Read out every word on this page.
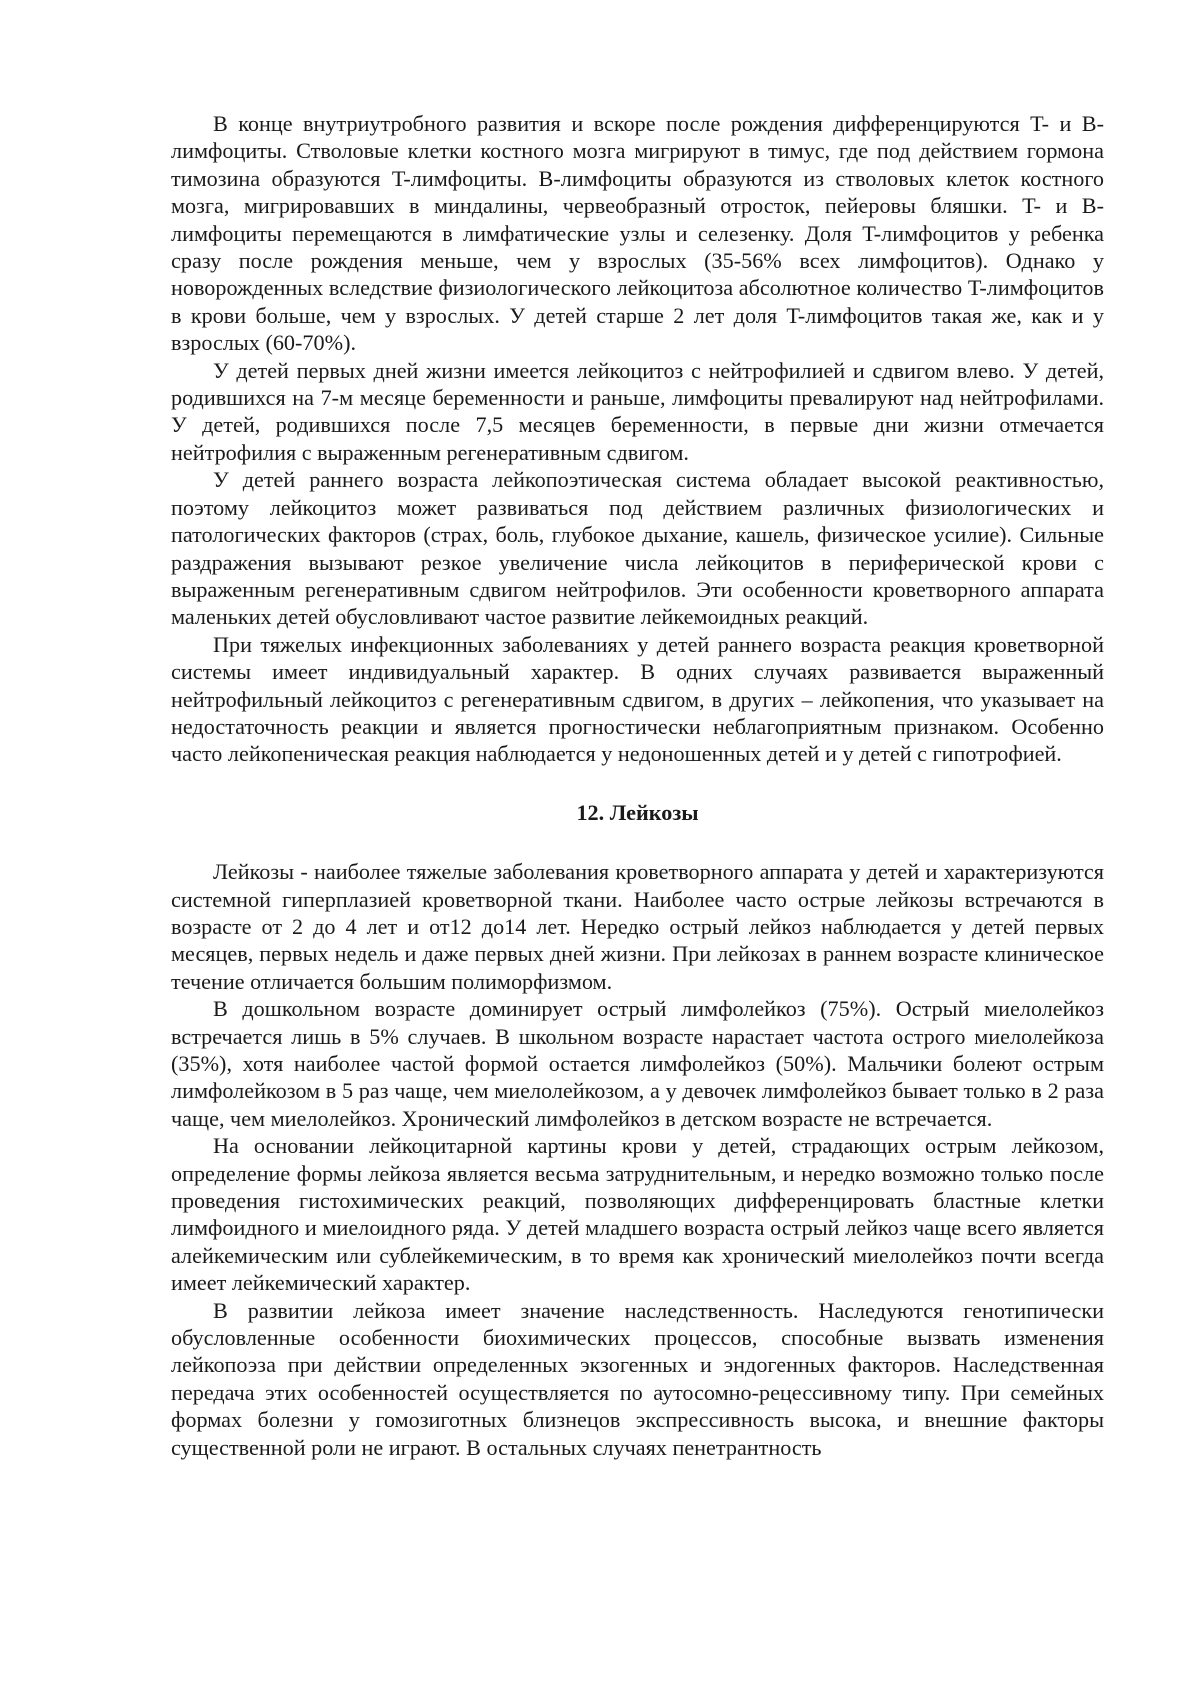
В конце внутриутробного развития и вскоре после рождения дифференцируются T- и B-лимфоциты. Стволовые клетки костного мозга мигрируют в тимус, где под действием гормона тимозина образуются T-лимфоциты. B-лимфоциты образуются из стволовых клеток костного мозга, мигрировавших в миндалины, червеобразный отросток, пейеровы бляшки. T- и B-лимфоциты перемещаются в лимфатические узлы и селезенку. Доля T-лимфоцитов у ребенка сразу после рождения меньше, чем у взрослых (35-56% всех лимфоцитов). Однако у новорожденных вследствие физиологического лейкоцитоза абсолютное количество T-лимфоцитов в крови больше, чем у взрослых. У детей старше 2 лет доля T-лимфоцитов такая же, как и у взрослых (60-70%).

У детей первых дней жизни имеется лейкоцитоз с нейтрофилией и сдвигом влево. У детей, родившихся на 7-м месяце беременности и раньше, лимфоциты превалируют над нейтрофилами. У детей, родившихся после 7,5 месяцев беременности, в первые дни жизни отмечается нейтрофилия с выраженным регенеративным сдвигом.

У детей раннего возраста лейкопоэтическая система обладает высокой реактивностью, поэтому лейкоцитоз может развиваться под действием различных физиологических и патологических факторов (страх, боль, глубокое дыхание, кашель, физическое усилие). Сильные раздражения вызывают резкое увеличение числа лейкоцитов в периферической крови с выраженным регенеративным сдвигом нейтрофилов. Эти особенности кроветворного аппарата маленьких детей обусловливают частое развитие лейкемоидных реакций.

При тяжелых инфекционных заболеваниях у детей раннего возраста реакция кроветворной системы имеет индивидуальный характер. В одних случаях развивается выраженный нейтрофильный лейкоцитоз с регенеративным сдвигом, в других – лейкопения, что указывает на недостаточность реакции и является прогностически неблагоприятным признаком. Особенно часто лейкопеническая реакция наблюдается у недоношенных детей и у детей с гипотрофией.

12. Лейкозы

Лейкозы - наиболее тяжелые заболевания кроветворного аппарата у детей и характеризуются системной гиперплазией кроветворной ткани. Наиболее часто острые лейкозы встречаются в возрасте от 2 до 4 лет и от12 до14 лет. Нередко острый лейкоз наблюдается у детей первых месяцев, первых недель и даже первых дней жизни. При лейкозах в раннем возрасте клиническое течение отличается большим полиморфизмом.

В дошкольном возрасте доминирует острый лимфолейкоз (75%). Острый миелолейкоз встречается лишь в 5% случаев. В школьном возрасте нарастает частота острого миелолейкоза (35%), хотя наиболее частой формой остается лимфолейкоз (50%). Мальчики болеют острым лимфолейкозом в 5 раз чаще, чем миелолейкозом, а у девочек лимфолейкоз бывает только в 2 раза чаще, чем миелолейкоз. Хронический лимфолейкоз в детском возрасте не встречается.

На основании лейкоцитарной картины крови у детей, страдающих острым лейкозом, определение формы лейкоза является весьма затруднительным, и нередко возможно только после проведения гистохимических реакций, позволяющих дифференцировать бластные клетки лимфоидного и миелоидного ряда. У детей младшего возраста острый лейкоз чаще всего является алейкемическим или сублейкемическим, в то время как хронический миелолейкоз почти всегда имеет лейкемический характер.

В развитии лейкоза имеет значение наследственность. Наследуются генотипически обусловленные особенности биохимических процессов, способные вызвать изменения лейкопоэза при действии определенных экзогенных и эндогенных факторов. Наследственная передача этих особенностей осуществляется по аутосомно-рецессивному типу. При семейных формах болезни у гомозиготных близнецов экспрессивность высока, и внешние факторы существенной роли не играют. В остальных случаях пенетрантность
